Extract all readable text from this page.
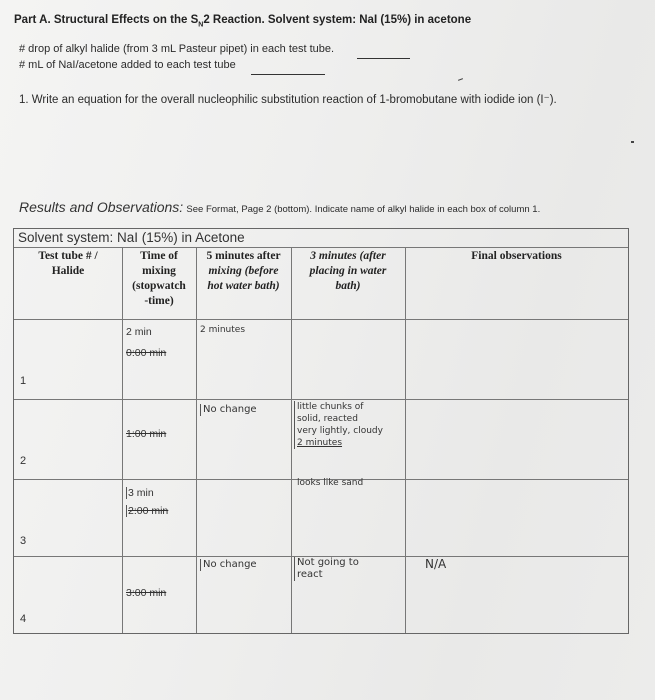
Part A. Structural Effects on the $S_N2$ Reaction. Solvent system: NaI (15%) in acetone
# drop of alkyl halide (from 3 mL Pasteur pipet) in each test tube.
# mL of NaI/acetone added to each test tube
1. Write an equation for the overall nucleophilic substitution reaction of 1-bromobutane with iodide ion (I⁻).
Results and Observations: See Format, Page 2 (bottom). Indicate name of alkyl halide in each box of column 1.
Solvent system: NaI (15%) in Acetone
Test tube # /
Halide
Time of
mixing
(stopwatch
-time)
5 minutes after

mixing (before
hot water bath)
3 minutes (after
placing in water
bath)
Final observations
1
2 min
0:00 min
2 minutes
2
1:00 min
No change	little chunks of
solid, reacted
very lightly, cloudy
2 minutes
3
3 min
2:00 min
looks like sand
4
3:00 min
No change	Not going to
react
N/A
